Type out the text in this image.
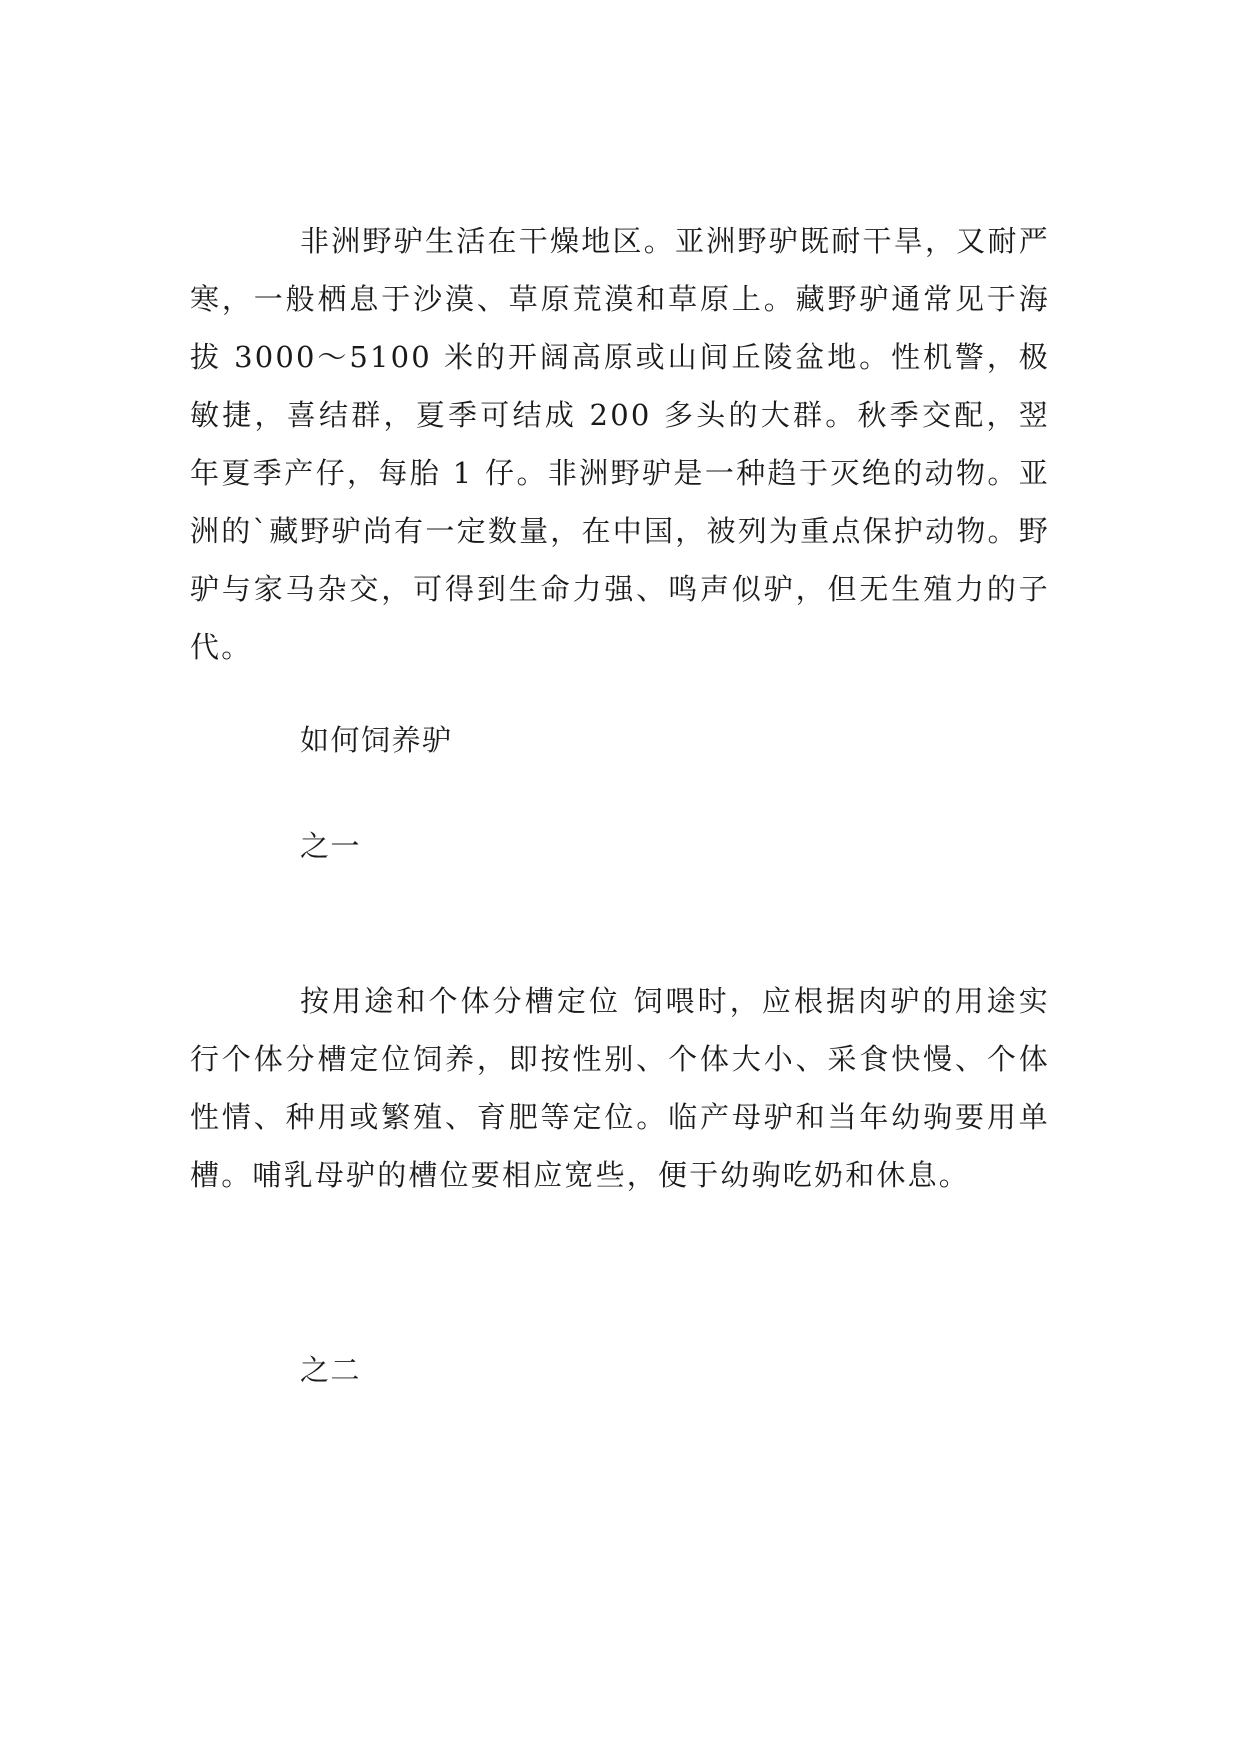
非洲野驴生活在干燥地区。亚洲野驴既耐干旱，又耐严寒，一般栖息于沙漠、草原荒漠和草原上。藏野驴通常见于海拔 3000～5100 米的开阔高原或山间丘陵盆地。性机警，极敏捷，喜结群，夏季可结成 200 多头的大群。秋季交配，翌年夏季产仔，每胎 1 仔。非洲野驴是一种趋于灭绝的动物。亚洲的`藏野驴尚有一定数量，在中国，被列为重点保护动物。野驴与家马杂交，可得到生命力强、鸣声似驴，但无生殖力的子代。

如何饲养驴

之一

按用途和个体分槽定位 饲喂时，应根据肉驴的用途实行个体分槽定位饲养，即按性别、个体大小、采食快慢、个体性情、种用或繁殖、育肥等定位。临产母驴和当年幼驹要用单槽。哺乳母驴的槽位要相应宽些，便于幼驹吃奶和休息。

之二
